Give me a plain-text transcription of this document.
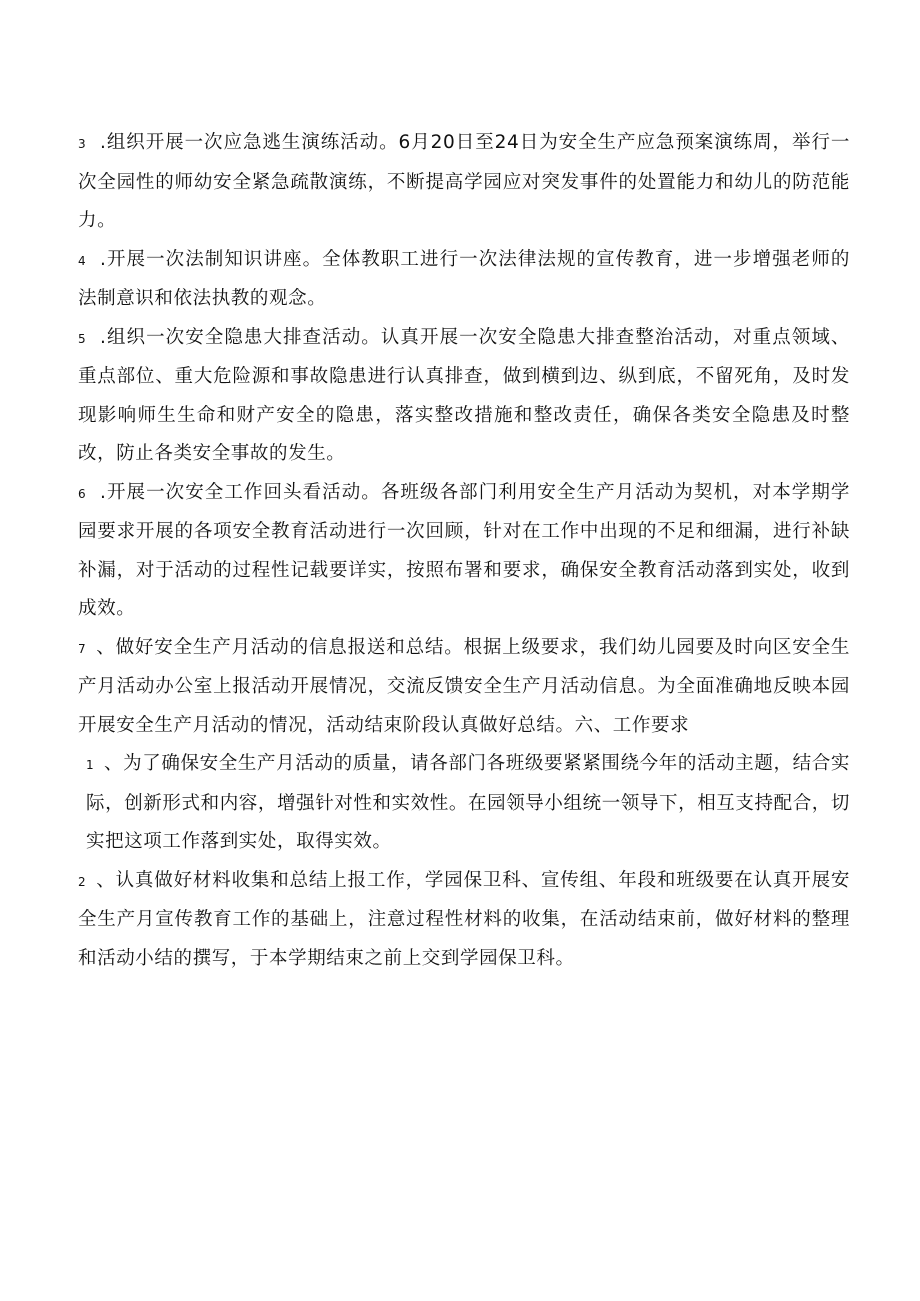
3 .组织开展一次应急逃生演练活动。6月20日至24日为安全生产应急预案演练周，举行一次全园性的师幼安全紧急疏散演练，不断提高学园应对突发事件的处置能力和幼儿的防范能力。

4 .开展一次法制知识讲座。全体教职工进行一次法律法规的宣传教育，进一步增强老师的法制意识和依法执教的观念。

5 .组织一次安全隐患大排查活动。认真开展一次安全隐患大排查整治活动，对重点领域、重点部位、重大危险源和事故隐患进行认真排查，做到横到边、纵到底，不留死角，及时发现影响师生生命和财产安全的隐患，落实整改措施和整改责任，确保各类安全隐患及时整改，防止各类安全事故的发生。

6 .开展一次安全工作回头看活动。各班级各部门利用安全生产月活动为契机，对本学期学园要求开展的各项安全教育活动进行一次回顾，针对在工作中出现的不足和细漏，进行补缺补漏，对于活动的过程性记载要详实，按照布署和要求，确保安全教育活动落到实处，收到成效。

7 、做好安全生产月活动的信息报送和总结。根据上级要求，我们幼儿园要及时向区安全生产月活动办公室上报活动开展情况，交流反馈安全生产月活动信息。为全面准确地反映本园开展安全生产月活动的情况，活动结束阶段认真做好总结。六、工作要求

1 、为了确保安全生产月活动的质量，请各部门各班级要紧紧围绕今年的活动主题，结合实际，创新形式和内容，增强针对性和实效性。在园领导小组统一领导下，相互支持配合，切实把这项工作落到实处，取得实效。

2 、认真做好材料收集和总结上报工作，学园保卫科、宣传组、年段和班级要在认真开展安全生产月宣传教育工作的基础上，注意过程性材料的收集，在活动结束前，做好材料的整理和活动小结的撰写，于本学期结束之前上交到学园保卫科。
